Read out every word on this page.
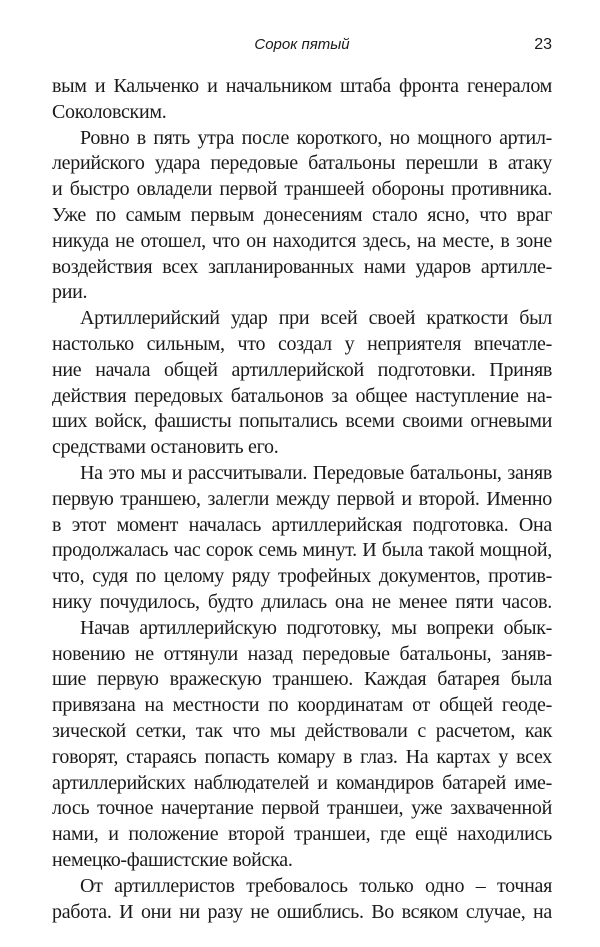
Сорок пятый	23
вым и Кальченко и начальником штаба фронта генералом
Соколовским.
Ровно в пять утра после короткого, но мощного артил-
лерийского удара передовые батальоны перешли в атаку
и быстро овладели первой траншеей обороны противника.
Уже по самым первым донесениям стало ясно, что враг
никуда не отошел, что он находится здесь, на месте, в зоне
воздействия всех запланированных нами ударов артилле-
рии.
Артиллерийский удар при всей своей краткости был
настолько сильным, что создал у неприятеля впечатле-
ние начала общей артиллерийской подготовки. Приняв
действия передовых батальонов за общее наступление на-
ших войск, фашисты попытались всеми своими огневыми
средствами остановить его.
На это мы и рассчитывали. Передовые батальоны, заняв
первую траншею, залегли между первой и второй. Именно
в этот момент началась артиллерийская подготовка. Она
продолжалась час сорок семь минут. И была такой мощной,
что, судя по целому ряду трофейных документов, против-
нику почудилось, будто длилась она не менее пяти часов.
Начав артиллерийскую подготовку, мы вопреки обык-
новению не оттянули назад передовые батальоны, заняв-
шие первую вражескую траншею. Каждая батарея была
привязана на местности по координатам от общей геоде-
зической сетки, так что мы действовали с расчетом, как
говорят, стараясь попасть комару в глаз. На картах у всех
артиллерийских наблюдателей и командиров батарей име-
лось точное начертание первой траншеи, уже захваченной
нами, и положение второй траншеи, где ещё находились
немецко-фашистские войска.
От артиллеристов требовалось только одно – точная
работа. И они ни разу не ошиблись. Во всяком случае, на
